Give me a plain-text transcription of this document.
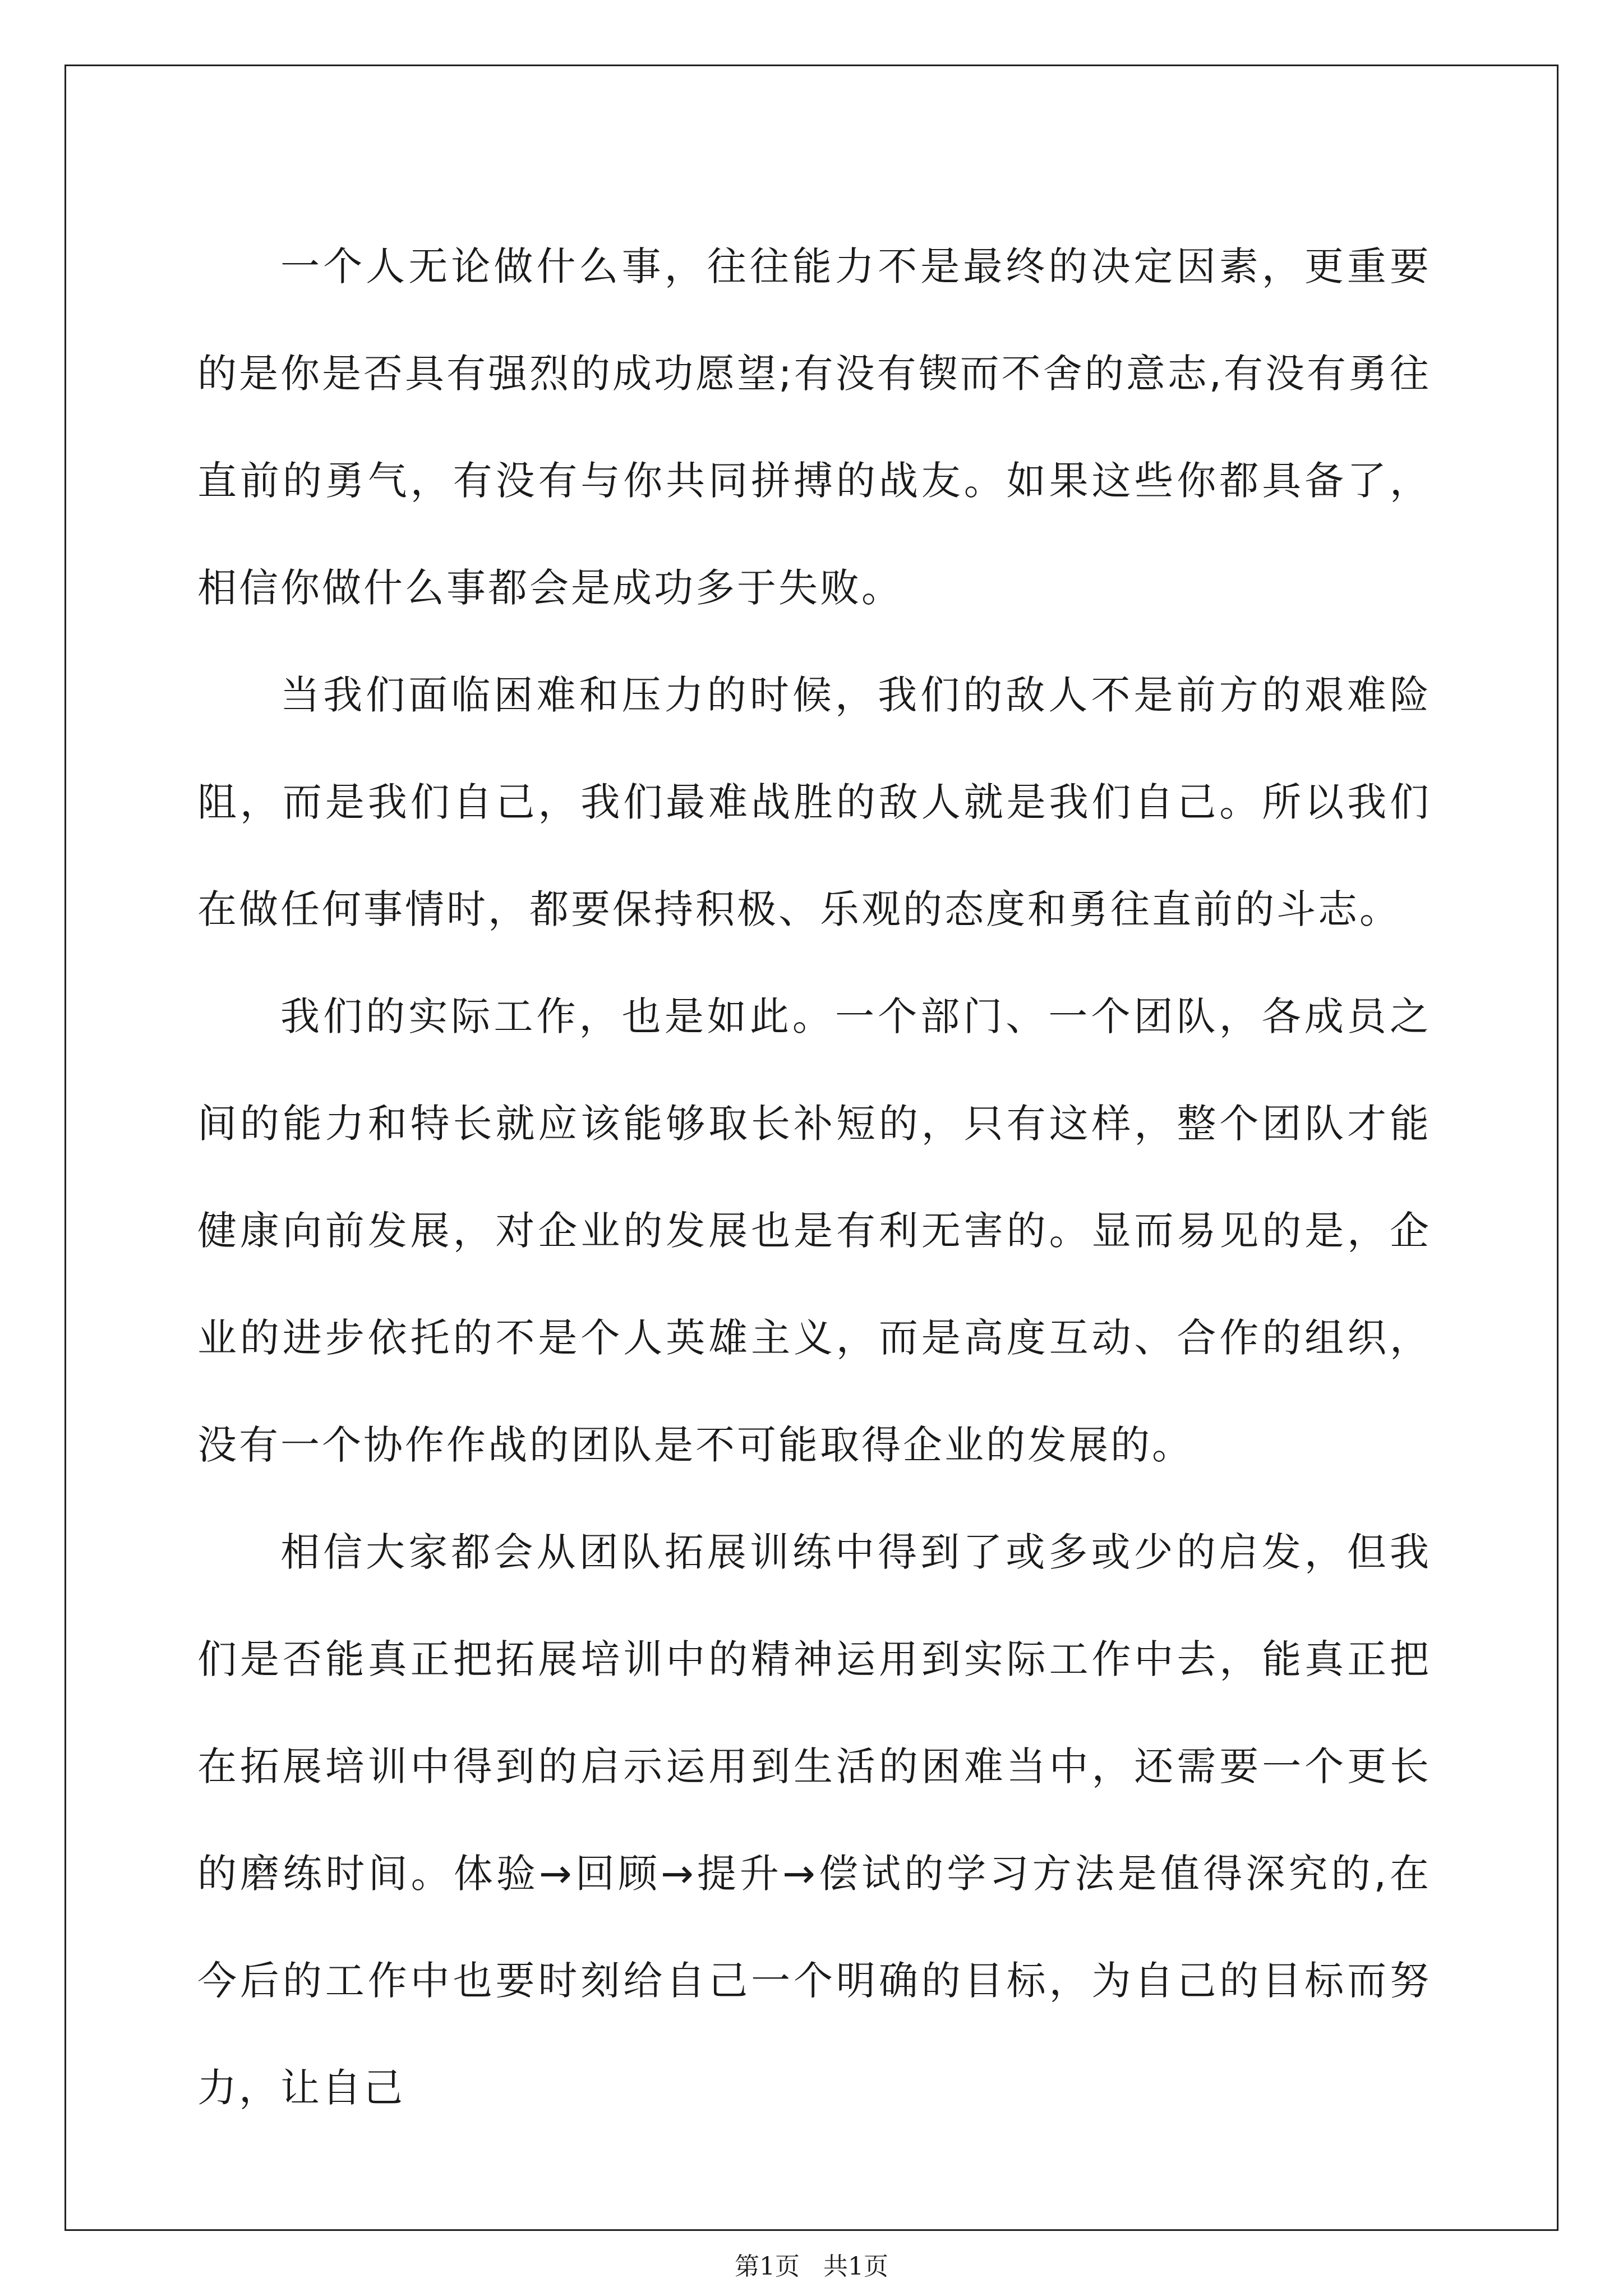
一个人无论做什么事，往往能力不是最终的决定因素，更重要的是你是否具有强烈的成功愿望;有没有锲而不舍的意志,有没有勇往直前的勇气，有没有与你共同拼搏的战友。如果这些你都具备了，相信你做什么事都会是成功多于失败。

当我们面临困难和压力的时候，我们的敌人不是前方的艰难险阻，而是我们自己，我们最难战胜的敌人就是我们自己。所以我们在做任何事情时，都要保持积极、乐观的态度和勇往直前的斗志。

我们的实际工作，也是如此。一个部门、一个团队，各成员之间的能力和特长就应该能够取长补短的，只有这样，整个团队才能健康向前发展，对企业的发展也是有利无害的。显而易见的是，企业的进步依托的不是个人英雄主义，而是高度互动、合作的组织，没有一个协作作战的团队是不可能取得企业的发展的。

相信大家都会从团队拓展训练中得到了或多或少的启发，但我们是否能真正把拓展培训中的精神运用到实际工作中去，能真正把在拓展培训中得到的启示运用到生活的困难当中，还需要一个更长的磨练时间。体验→回顾→提升→偿试的学习方法是值得深究的,在今后的工作中也要时刻给自己一个明确的目标，为自己的目标而努力，让自己

第1页 共1页
